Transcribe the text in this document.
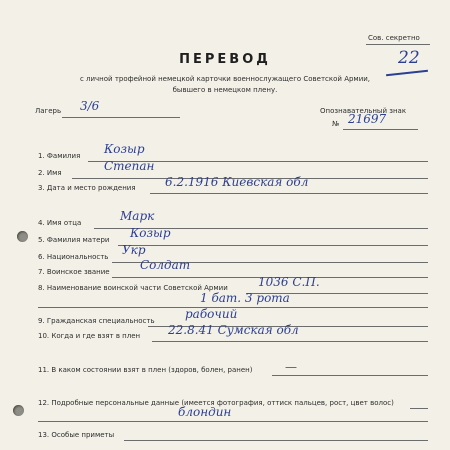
Сов. секретно
22
ПЕРЕВОД
с личной трофейной немецкой карточки военнослужащего Советской Армии,
бывшего в немецком плену.
Лагерь 3/6	Опознавательный знак
№ 21697
1. Фамилия Козыр
2. Имя	Степан
3. Дата и место рождения 6.2.1916 Киевская обл
4. Имя отца	Марк
5. Фамилия матери Козыр
6. Национальность Укр
7. Воинское звание	Солдат
8. Наименование воинской части Советской Армии	1036 С.П.
1 бат. 3 рота
9. Гражданская специальность	рабочий
10. Когда и где взят в плен 22.8.41 Сумская обл
11. В каком состоянии взят в плен (здоров, болен, ранен)	—
12. Подробные персональные данные (имеется фотография, оттиск пальцев, рост, цвет волос)
блондин
13. Особые приметы
